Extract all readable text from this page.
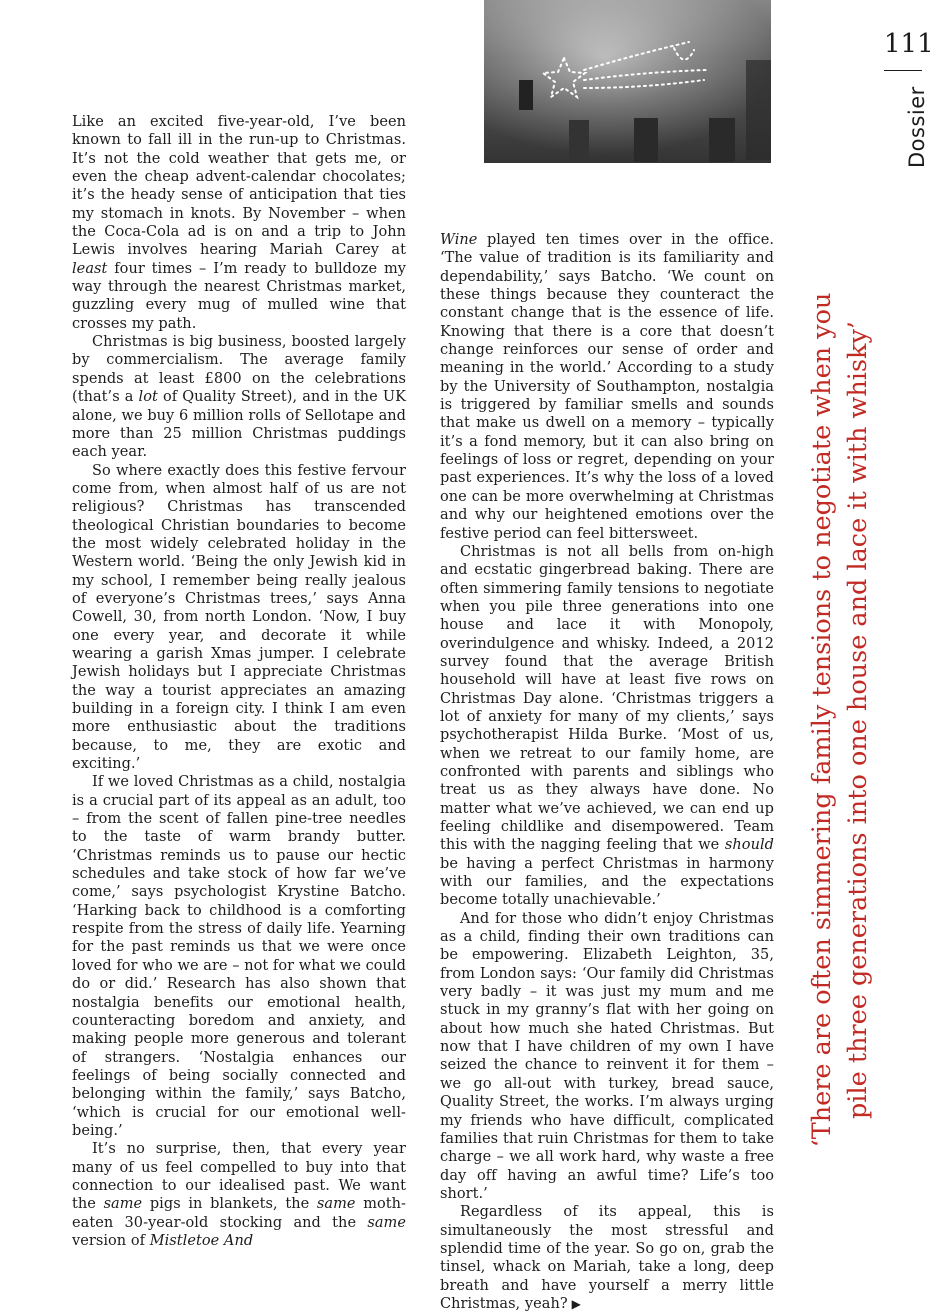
111
Dossier

Like an excited five-year-old, I’ve been known to fall ill in the run-up to Christmas. It’s not the cold weather that gets me, or even the cheap advent-calendar chocolates; it’s the heady sense of anticipation that ties my stomach in knots. By November – when the Coca-Cola ad is on and a trip to John Lewis involves hearing Mariah Carey at least four times – I’m ready to bulldoze my way through the nearest Christmas market, guzzling every mug of mulled wine that crosses my path.

Christmas is big business, boosted largely by commercialism. The average family spends at least £800 on the celebrations (that’s a lot of Quality Street), and in the UK alone, we buy 6 million rolls of Sellotape and more than 25 million Christmas puddings each year.

So where exactly does this festive fervour come from, when almost half of us are not religious? Christmas has transcended theological Christian boundaries to become the most widely celebrated holiday in the Western world. ‘Being the only Jewish kid in my school, I remember being really jealous of everyone’s Christmas trees,’ says Anna Cowell, 30, from north London. ‘Now, I buy one every year, and decorate it while wearing a garish Xmas jumper. I celebrate Jewish holidays but I appreciate Christmas the way a tourist appreciates an amazing building in a foreign city. I think I am even more enthusiastic about the traditions because, to me, they are exotic and exciting.’

If we loved Christmas as a child, nostalgia is a crucial part of its appeal as an adult, too – from the scent of fallen pine-tree needles to the taste of warm brandy butter. ‘Christmas reminds us to pause our hectic schedules and take stock of how far we’ve come,’ says psychologist Krystine Batcho. ‘Harking back to childhood is a comforting respite from the stress of daily life. Yearning for the past reminds us that we were once loved for who we are – not for what we could do or did.’ Research has also shown that nostalgia benefits our emotional health, counteracting boredom and anxiety, and making people more generous and tolerant of strangers. ‘Nostalgia enhances our feelings of being socially connected and belonging within the family,’ says Batcho, ‘which is crucial for our emotional well-being.’

It’s no surprise, then, that every year many of us feel compelled to buy into that connection to our idealised past. We want the same pigs in blankets, the same moth-eaten 30-year-old stocking and the same version of Mistletoe And

Wine played ten times over in the office. ‘The value of tradition is its familiarity and dependability,’ says Batcho. ‘We count on these things because they counteract the constant change that is the essence of life. Knowing that there is a core that doesn’t change reinforces our sense of order and meaning in the world.’ According to a study by the University of Southampton, nostalgia is triggered by familiar smells and sounds that make us dwell on a memory – typically it’s a fond memory, but it can also bring on feelings of loss or regret, depending on your past experiences. It’s why the loss of a loved one can be more overwhelming at Christmas and why our heightened emotions over the festive period can feel bittersweet.

Christmas is not all bells from on-high and ecstatic gingerbread baking. There are often simmering family tensions to negotiate when you pile three generations into one house and lace it with Monopoly, overindulgence and whisky. Indeed, a 2012 survey found that the average British household will have at least five rows on Christmas Day alone. ‘Christmas triggers a lot of anxiety for many of my clients,’ says psychotherapist Hilda Burke. ‘Most of us, when we retreat to our family home, are confronted with parents and siblings who treat us as they always have done. No matter what we’ve achieved, we can end up feeling childlike and disempowered. Team this with the nagging feeling that we should be having a perfect Christmas in harmony with our families, and the expectations become totally unachievable.’

And for those who didn’t enjoy Christmas as a child, finding their own traditions can be empowering. Elizabeth Leighton, 35, from London says: ‘Our family did Christmas very badly – it was just my mum and me stuck in my granny’s flat with her going on about how much she hated Christmas. But now that I have children of my own I have seized the chance to reinvent it for them – we go all-out with turkey, bread sauce, Quality Street, the works. I’m always urging my friends who have difficult, complicated families that ruin Christmas for them to take charge – we all work hard, why waste a free day off having an awful time? Life’s too short.’

Regardless of its appeal, this is simultaneously the most stressful and splendid time of the year. So go on, grab the tinsel, whack on Mariah, take a long, deep breath and have yourself a merry little Christmas, yeah? ▶

‘There are often simmering family tensions to negotiate when you pile three generations into one house and lace it with whisky’
